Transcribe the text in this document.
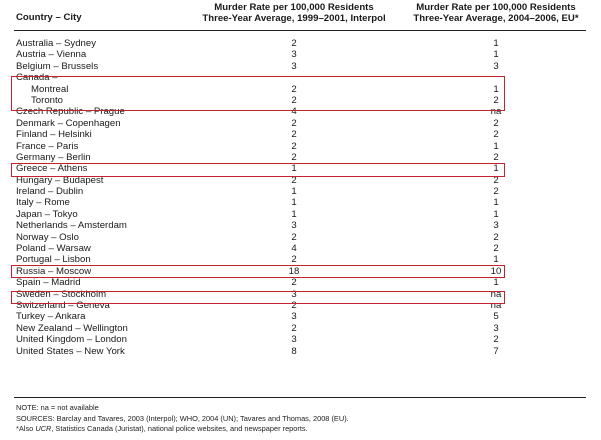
Country – City
Murder Rate per 100,000 Residents
Three-Year Average, 1999–2001, Interpol
Murder Rate per 100,000 Residents
Three-Year Average, 2004–2006, EU*
Australia – Sydney	2	1
Austria – Vienna	3	1
Belgium – Brussels	3	3
Canada –
Montreal	2	1
Toronto	2	2
Czech Republic – Prague	4	na
Denmark – Copenhagen	2	2
Finland – Helsinki	2	2
France – Paris	2	1
Germany – Berlin	2	2
Greece – Athens	1	1
Hungary – Budapest	2	2
Ireland – Dublin	1	2
Italy – Rome	1	1
Japan – Tokyo	1	1
Netherlands – Amsterdam	3	3
Norway – Oslo	2	2
Poland – Warsaw	4	2
Portugal – Lisbon	2	1
Russia – Moscow	18	10
Spain – Madrid	2	1
Sweden – Stockholm	3	na
Switzerland – Geneva	2	na
Turkey – Ankara	3	5
New Zealand – Wellington	2	3
United Kingdom – London	3	2
United States – New York	8	7
NOTE: na = not available
SOURCES: Barclay and Tavares, 2003 (Interpol); WHO, 2004 (UN); Tavares and Thomas, 2008 (EU).
*Also UCR, Statistics Canada (Juristat), national police websites, and newspaper reports.
